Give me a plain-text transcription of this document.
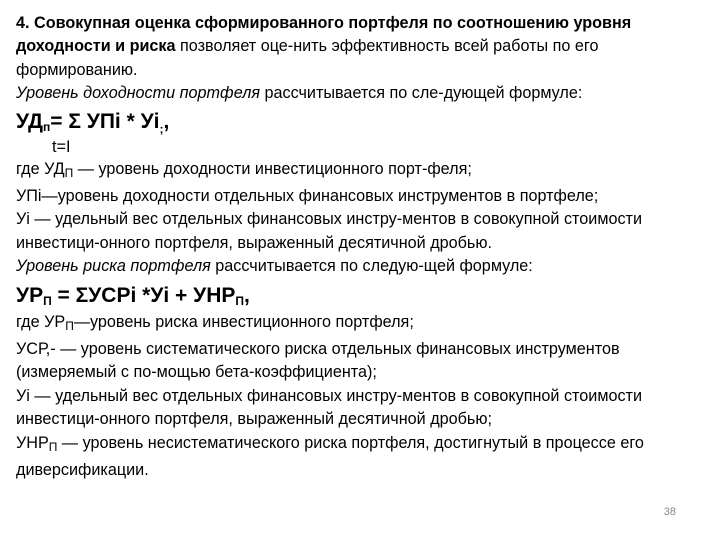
4. Совокупная оценка сформированного портфеля по соотношению уровня доходности и риска позволяет оце-нить эффективность всей работы по его формированию.
Уровень доходности портфеля рассчитывается по сле-дующей формуле:
$УД_п= \Sigma$ УПі * $Уі_;$,
t=I
где $УД_П$ — уровень доходности инвестиционного порт-феля;
УПі—уровень доходности отдельных финансовых инструментов в портфеле;
Уі — удельный вес отдельных финансовых инстру-ментов в совокупной стоимости инвестици-онного портфеля, выраженный десятичной дробью.
Уровень риска портфеля рассчитывается по следую-щей формуле:
$УР_П$ = ΣУСРі $*Уі + УНР_П$,
где $УР_П—уровень$ риска инвестиционного портфеля;
УСР,- — уровень систематического риска отдельных финансовых инструментов (измеряемый с по-мощью бета-коэффициента);
Уі — удельный вес отдельных финансовых инстру-ментов в совокупной стоимости инвестици-онного портфеля, выраженный десятичной дробью;
$УНР_П$ — уровень несистематического риска портфеля, достигнутый в процессе его диверсификации.
38
